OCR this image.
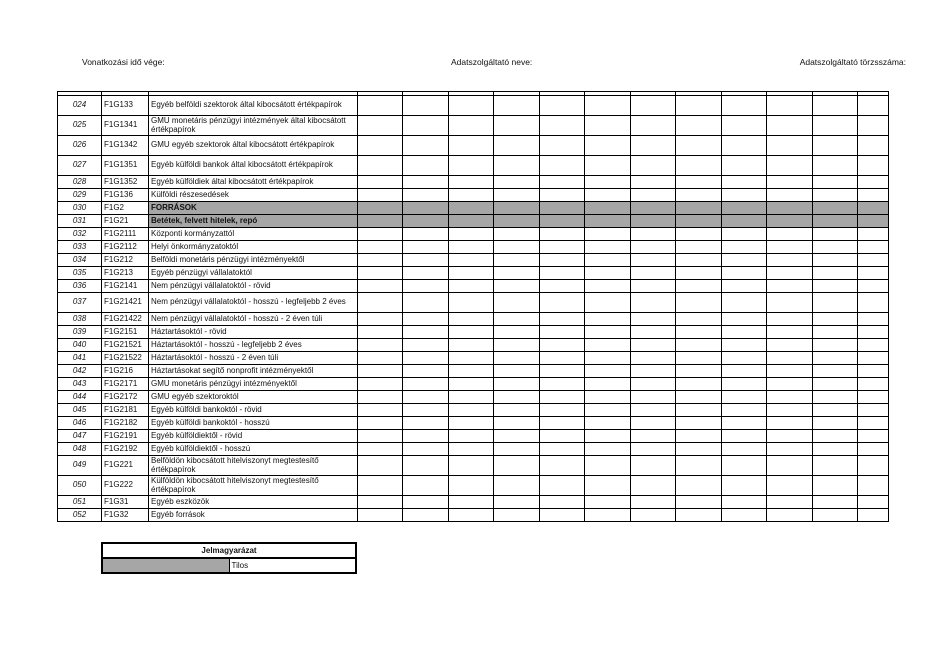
Vonatkozási idő vége:	Adatszolgáltató neve:	Adatszolgáltató törzsszáma:

024	F1G133	Egyéb belföldi szektorok által kibocsátott értékpapírok												
025	F1G1341	GMU monetáris pénzügyi intézmények által kibocsátott értékpapírok												
026	F1G1342	GMU egyéb szektorok által kibocsátott értékpapírok												
027	F1G1351	Egyéb külföldi bankok által kibocsátott értékpapírok												
028	F1G1352	Egyéb külföldiek által kibocsátott értékpapírok												
029	F1G136	Külföldi részesedések												
030	F1G2	FORRÁSOK												
031	F1G21	Betétek, felvett hitelek, repó												
032	F1G2111	Központi kormányzattól												
033	F1G2112	Helyi önkormányzatoktól												
034	F1G212	Belföldi monetáris pénzügyi intézményektől												
035	F1G213	Egyéb pénzügyi vállalatoktól												
036	F1G2141	Nem pénzügyi vállalatoktól - rövid												
037	F1G21421	Nem pénzügyi vállalatoktól - hosszú - legfeljebb 2 éves												
038	F1G21422	Nem pénzügyi vállalatoktól - hosszú - 2 éven túli												
039	F1G2151	Háztartásoktól - rövid												
040	F1G21521	Háztartásoktól - hosszú - legfeljebb 2 éves												
041	F1G21522	Háztartásoktól - hosszú - 2 éven túli												
042	F1G216	Háztartásokat segítő nonprofit intézményektől												
043	F1G2171	GMU monetáris pénzügyi intézményektől												
044	F1G2172	GMU egyéb szektoroktól												
045	F1G2181	Egyéb külföldi bankoktól - rövid												
046	F1G2182	Egyéb külföldi bankoktól - hosszú												
047	F1G2191	Egyéb külföldiektől - rövid												
048	F1G2192	Egyéb külföldiektől - hosszú												
049	F1G221	Belföldön kibocsátott hitelviszonyt megtestesítő értékpapírok												
050	F1G222	Külföldön kibocsátott hitelviszonyt megtestesítő értékpapírok												
051	F1G31	Egyéb eszközök												
052	F1G32	Egyéb források												
Jelmagyarázat
	Tilos
